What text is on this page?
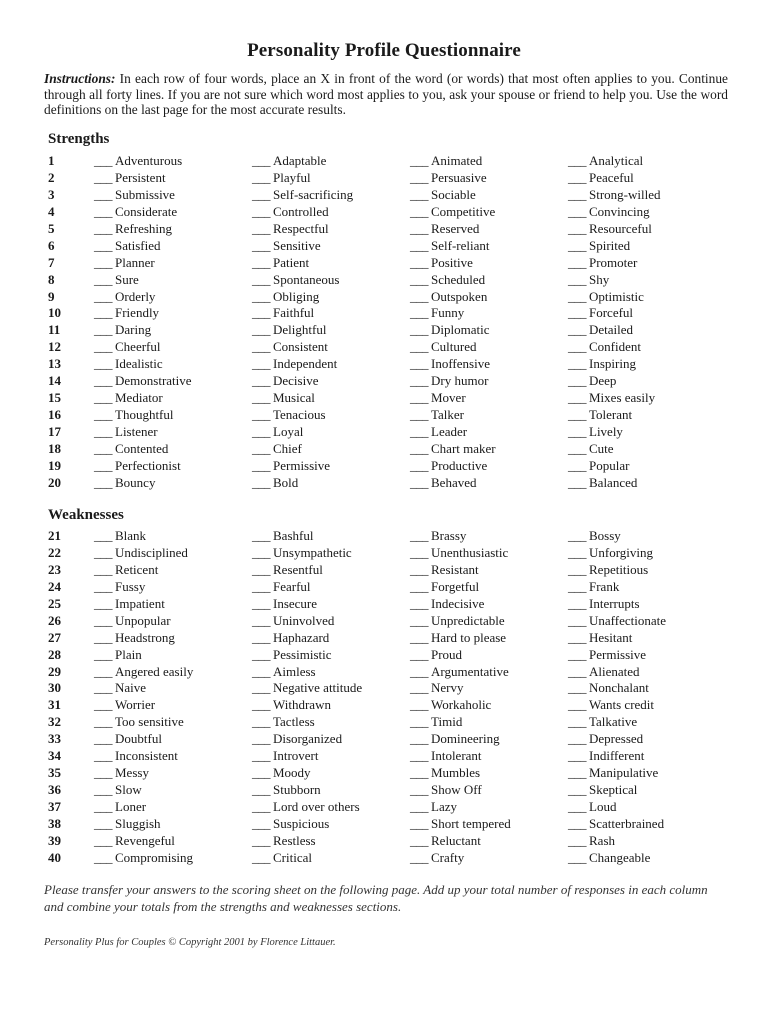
Personality Profile Questionnaire
Instructions: In each row of four words, place an X in front of the word (or words) that most often applies to you. Continue through all forty lines. If you are not sure which word most applies to you, ask your spouse or friend to help you. Use the word definitions on the last page for the most accurate results.
Strengths
1	___ Adventurous	___ Adaptable	___ Animated	___ Analytical
2	___ Persistent	___ Playful	___ Persuasive	___ Peaceful
3	___ Submissive	___ Self-sacrificing	___ Sociable	___ Strong-willed
4	___ Considerate	___ Controlled	___ Competitive	___ Convincing
5	___ Refreshing	___ Respectful	___ Reserved	___ Resourceful
6	___ Satisfied	___ Sensitive	___ Self-reliant	___ Spirited
7	___ Planner	___ Patient	___ Positive	___ Promoter
8	___ Sure	___ Spontaneous	___ Scheduled	___ Shy
9	___ Orderly	___ Obliging	___ Outspoken	___ Optimistic
10	___ Friendly	___ Faithful	___ Funny	___ Forceful
11	___ Daring	___ Delightful	___ Diplomatic	___ Detailed
12	___ Cheerful	___ Consistent	___ Cultured	___ Confident
13	___ Idealistic	___ Independent	___ Inoffensive	___ Inspiring
14	___ Demonstrative	___ Decisive	___ Dry humor	___ Deep
15	___ Mediator	___ Musical	___ Mover	___ Mixes easily
16	___ Thoughtful	___ Tenacious	___ Talker	___ Tolerant
17	___ Listener	___ Loyal	___ Leader	___ Lively
18	___ Contented	___ Chief	___ Chart maker	___ Cute
19	___ Perfectionist	___ Permissive	___ Productive	___ Popular
20	___ Bouncy	___ Bold	___ Behaved	___ Balanced
Weaknesses
21	___ Blank	___ Bashful	___ Brassy	___ Bossy
22	___ Undisciplined	___ Unsympathetic	___ Unenthusiastic	___ Unforgiving
23	___ Reticent	___ Resentful	___ Resistant	___ Repetitious
24	___ Fussy	___ Fearful	___ Forgetful	___ Frank
25	___ Impatient	___ Insecure	___ Indecisive	___ Interrupts
26	___ Unpopular	___ Uninvolved	___ Unpredictable	___ Unaffectionate
27	___ Headstrong	___ Haphazard	___ Hard to please	___ Hesitant
28	___ Plain	___ Pessimistic	___ Proud	___ Permissive
29	___ Angered easily	___ Aimless	___ Argumentative	___ Alienated
30	___ Naive	___ Negative attitude	___ Nervy	___ Nonchalant
31	___ Worrier	___ Withdrawn	___ Workaholic	___ Wants credit
32	___ Too sensitive	___ Tactless	___ Timid	___ Talkative
33	___ Doubtful	___ Disorganized	___ Domineering	___ Depressed
34	___ Inconsistent	___ Introvert	___ Intolerant	___ Indifferent
35	___ Messy	___ Moody	___ Mumbles	___ Manipulative
36	___ Slow	___ Stubborn	___ Show Off	___ Skeptical
37	___ Loner	___ Lord over others	___ Lazy	___ Loud
38	___ Sluggish	___ Suspicious	___ Short tempered	___ Scatterbrained
39	___ Revengeful	___ Restless	___ Reluctant	___ Rash
40	___ Compromising	___ Critical	___ Crafty	___ Changeable
Please transfer your answers to the scoring sheet on the following page. Add up your total number of responses in each column and combine your totals from the strengths and weaknesses sections.
Personality Plus for Couples © Copyright 2001 by Florence Littauer.
